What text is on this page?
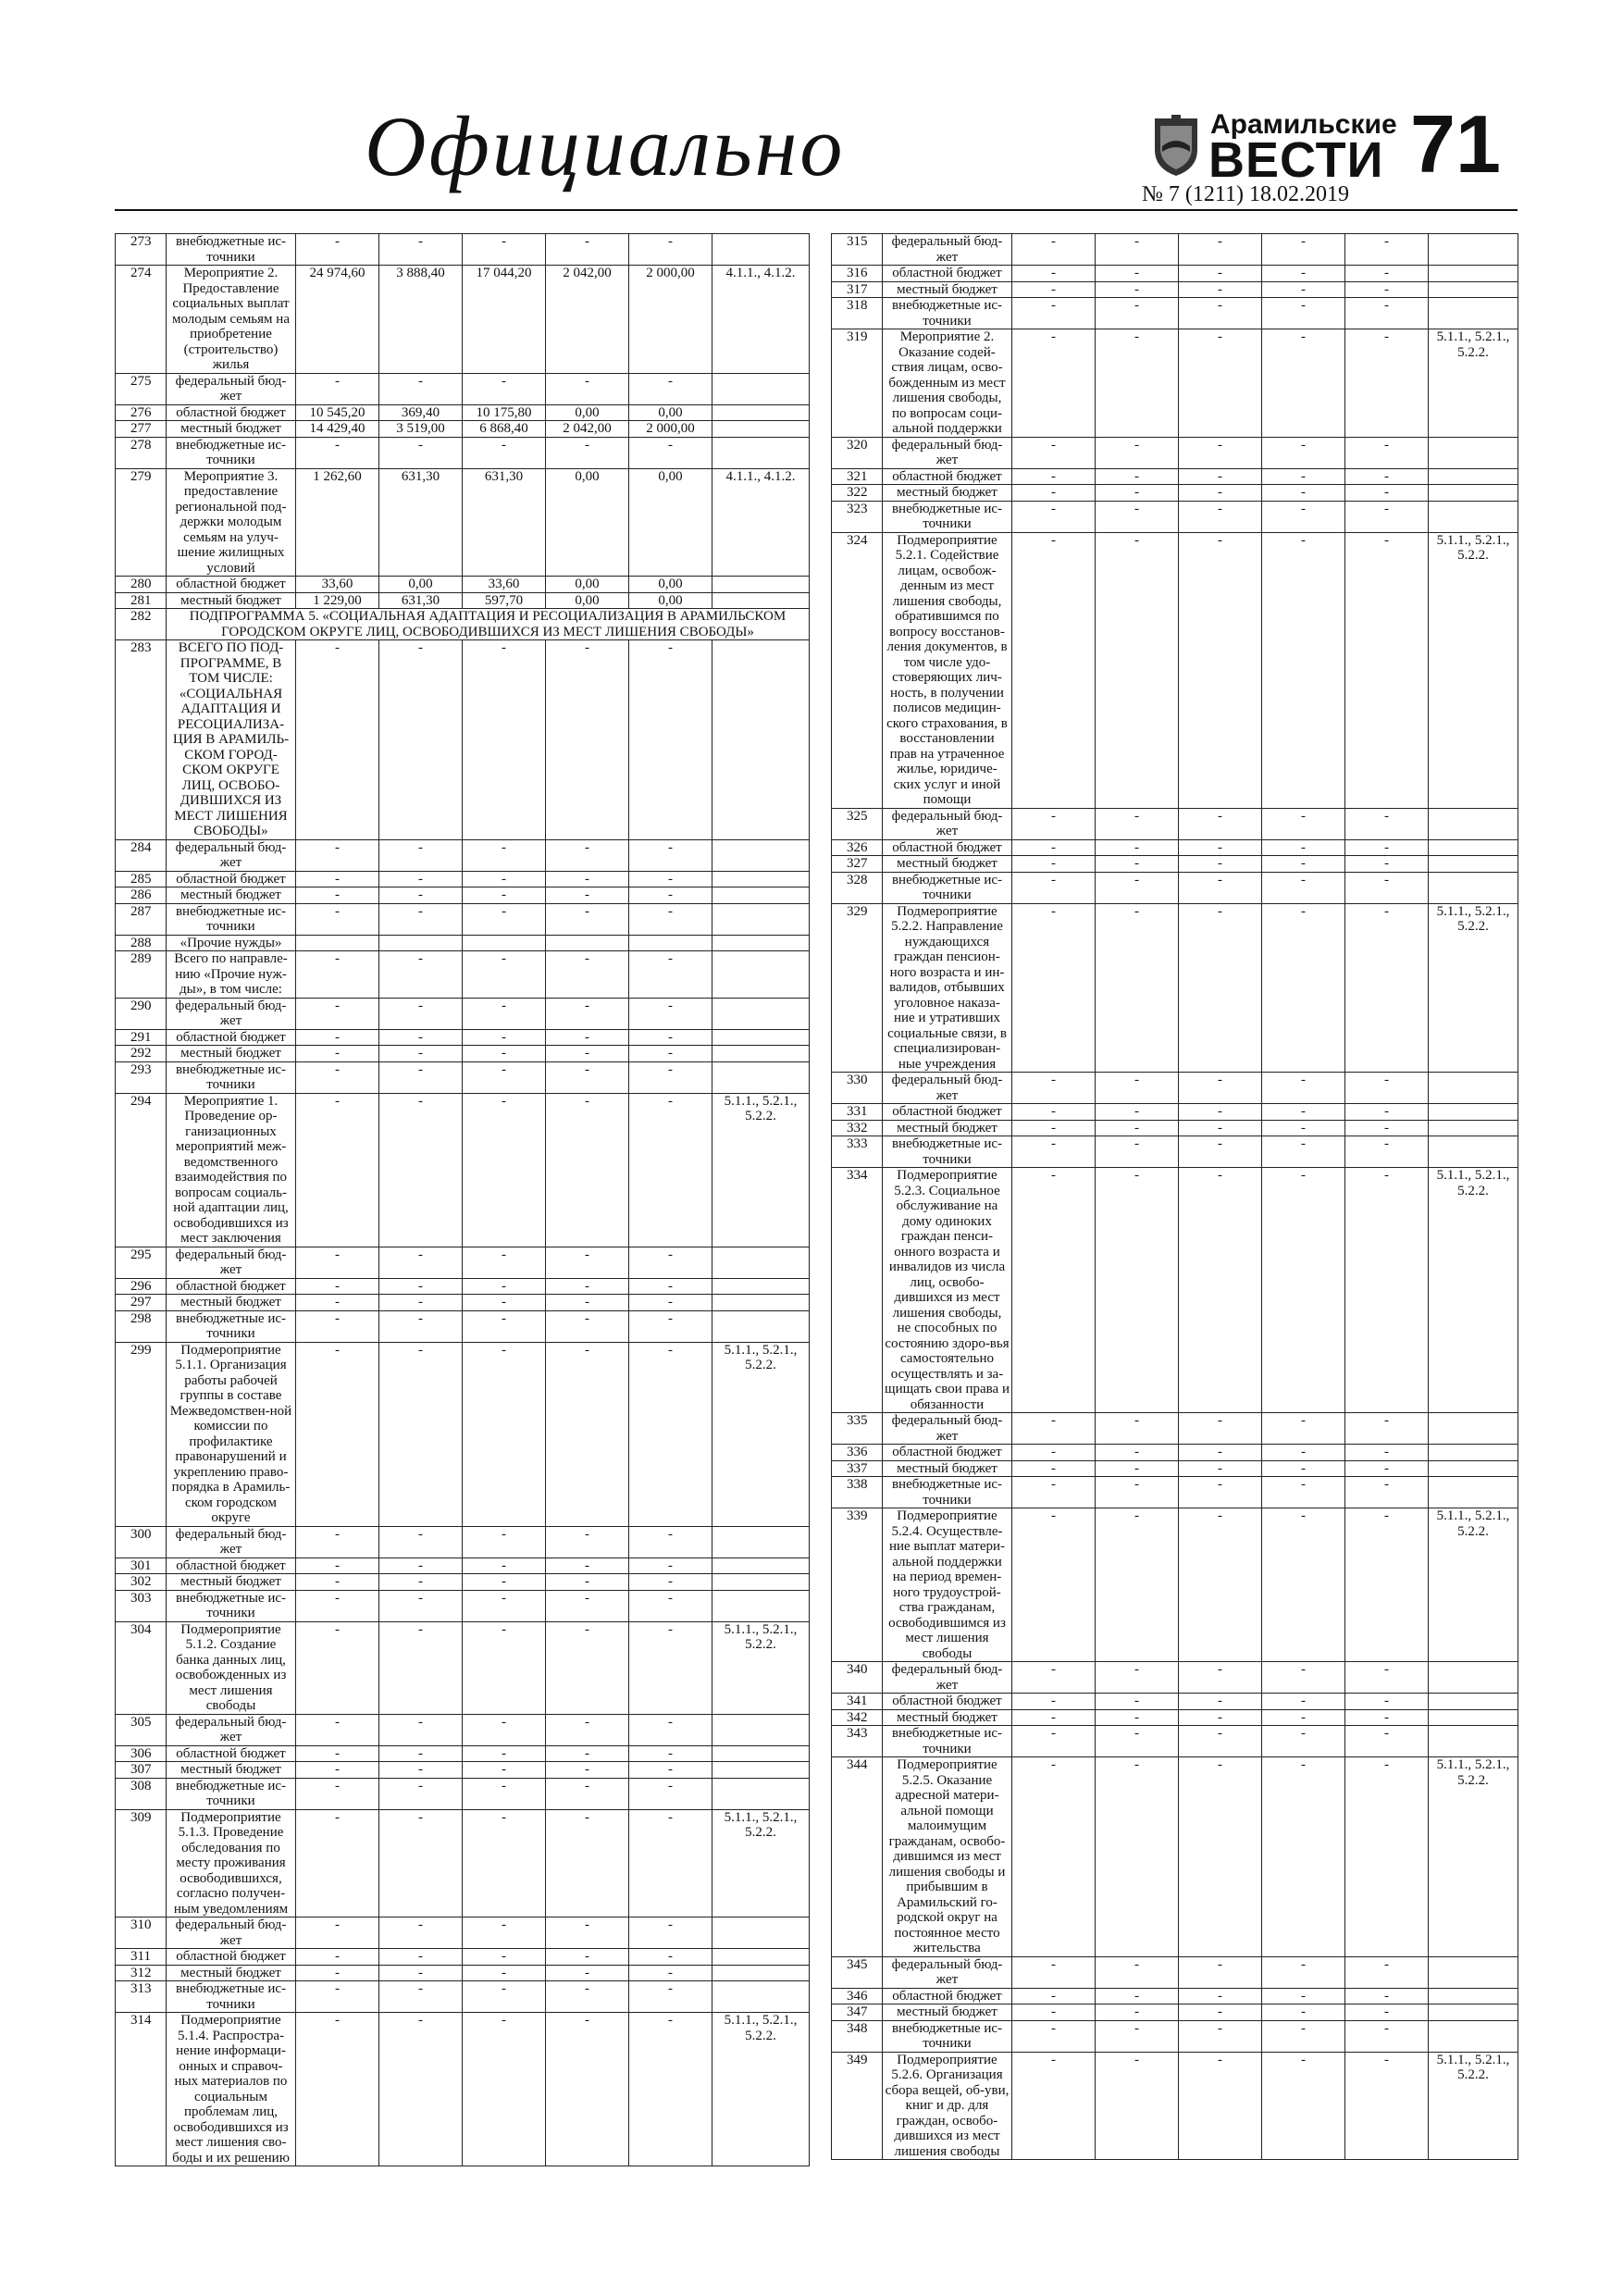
Официально	Арамильские
ВЕСТИ
№ 7 (1211) 18.02.2019
71
273	внебюджетные ис-точники	-	-	-	-	-	
274	Мероприятие 2. Предоставление социальных выплат молодым семьям на приобретение (строительство) жилья	24 974,60	3 888,40	17 044,20	2 042,00	2 000,00	4.1.1., 4.1.2.
275	федеральный бюд-жет	-	-	-	-	-	
276	областной бюджет	10 545,20	369,40	10 175,80	0,00	0,00	
277	местный бюджет	14 429,40	3 519,00	6 868,40	2 042,00	2 000,00	
278	внебюджетные ис-точники	-	-	-	-	-	
279	Мероприятие 3. предоставление региональной под-держки молодым семьям на улуч-шение жилищных условий	1 262,60	631,30	631,30	0,00	0,00	4.1.1., 4.1.2.
280	областной бюджет	33,60	0,00	33,60	0,00	0,00	
281	местный бюджет	1 229,00	631,30	597,70	0,00	0,00	
282	ПОДПРОГРАММА 5. «СОЦИАЛЬНАЯ АДАПТАЦИЯ И РЕСОЦИАЛИЗАЦИЯ В АРАМИЛЬСКОМ ГОРОДСКОМ ОКРУГЕ ЛИЦ, ОСВОБОДИВШИХСЯ ИЗ МЕСТ ЛИШЕНИЯ СВОБОДЫ»						
283	ВСЕГО ПО ПОД-ПРОГРАММЕ, В ТОМ ЧИСЛЕ: «СОЦИАЛЬНАЯ АДАПТАЦИЯ И РЕСОЦИАЛИЗА-ЦИЯ В АРАМИЛЬ-СКОМ ГОРОД-СКОМ ОКРУГЕ ЛИЦ, ОСВОБО-ДИВШИХСЯ ИЗ МЕСТ ЛИШЕНИЯ СВОБОДЫ»	-	-	-	-	-	
284	федеральный бюд-жет	-	-	-	-	-	
285	областной бюджет	-	-	-	-	-	
286	местный бюджет	-	-	-	-	-	
287	внебюджетные ис-точники	-	-	-	-	-	
288	«Прочие нужды»						
289	Всего по направле-нию «Прочие нуж-ды», в том числе:	-	-	-	-	-	
290	федеральный бюд-жет	-	-	-	-	-	
291	областной бюджет	-	-	-	-	-	
292	местный бюджет	-	-	-	-	-	
293	внебюджетные ис-точники	-	-	-	-	-	
294	Мероприятие 1. Проведение ор-ганизационных мероприятий меж-ведомственного взаимодействия по вопросам социаль-ной адаптации лиц, освободившихся из мест заключения	-	-	-	-	-	5.1.1., 5.2.1., 5.2.2.
295	федеральный бюд-жет	-	-	-	-	-	
296	областной бюджет	-	-	-	-	-	
297	местный бюджет	-	-	-	-	-	
298	внебюджетные ис-точники	-	-	-	-	-	
299	Подмероприятие 5.1.1. Организация работы рабочей группы в составе Межведомствен-ной комиссии по профилактике правонарушений и укреплению право-порядка в Арамиль-ском городском округе	-	-	-	-	-	5.1.1., 5.2.1., 5.2.2.
300	федеральный бюд-жет	-	-	-	-	-	
301	областной бюджет	-	-	-	-	-	
302	местный бюджет	-	-	-	-	-	
303	внебюджетные ис-точники	-	-	-	-	-	
304	Подмероприятие 5.1.2. Создание банка данных лиц, освобожденных из мест лишения свободы	-	-	-	-	-	5.1.1., 5.2.1., 5.2.2.
305	федеральный бюд-жет	-	-	-	-	-	
306	областной бюджет	-	-	-	-	-	
307	местный бюджет	-	-	-	-	-	
308	внебюджетные ис-точники	-	-	-	-	-	
309	Подмероприятие 5.1.3. Проведение обследования по месту проживания освободившихся, согласно получен-ным уведомлениям	-	-	-	-	-	5.1.1., 5.2.1., 5.2.2.
310	федеральный бюд-жет	-	-	-	-	-	
311	областной бюджет	-	-	-	-	-	
312	местный бюджет	-	-	-	-	-	
313	внебюджетные ис-точники	-	-	-	-	-	
314	Подмероприятие 5.1.4. Распростра-нение информаци-онных и справоч-ных материалов по социальным проблемам лиц, освободившихся из мест лишения сво-боды и их решению	-	-	-	-	-	5.1.1., 5.2.1., 5.2.2.
315	федеральный бюд-жет	-	-	-	-	-	
316	областной бюджет	-	-	-	-	-	
317	местный бюджет	-	-	-	-	-	
318	внебюджетные ис-точники	-	-	-	-	-	
319	Мероприятие 2. Оказание содей-ствия лицам, осво-божденным из мест лишения свободы, по вопросам соци-альной поддержки	-	-	-	-	-	5.1.1., 5.2.1., 5.2.2.
320	федеральный бюд-жет	-	-	-	-	-	
321	областной бюджет	-	-	-	-	-	
322	местный бюджет	-	-	-	-	-	
323	внебюджетные ис-точники	-	-	-	-	-	
324	Подмероприятие 5.2.1. Содействие лицам, освобож-денным из мест лишения свободы, обратившимся по вопросу восстанов-ления документов, в том числе удо-стоверяющих лич-ность, в получении полисов медицин-ского страхования, в восстановлении прав на утраченное жилье, юридиче-ских услуг и иной помощи	-	-	-	-	-	5.1.1., 5.2.1., 5.2.2.
325	федеральный бюд-жет	-	-	-	-	-	
326	областной бюджет	-	-	-	-	-	
327	местный бюджет	-	-	-	-	-	
328	внебюджетные ис-точники	-	-	-	-	-	
329	Подмероприятие 5.2.2. Направление нуждающихся граждан пенсион-ного возраста и ин-валидов, отбывших уголовное наказа-ние и утративших социальные связи, в специализирован-ные учреждения	-	-	-	-	-	5.1.1., 5.2.1., 5.2.2.
330	федеральный бюд-жет	-	-	-	-	-	
331	областной бюджет	-	-	-	-	-	
332	местный бюджет	-	-	-	-	-	
333	внебюджетные ис-точники	-	-	-	-	-	
334	Подмероприятие 5.2.3. Социальное обслуживание на дому одиноких граждан пенси-онного возраста и инвалидов из числа лиц, освобо-дившихся из мест лишения свободы, не способных по состоянию здоро-вья самостоятельно осуществлять и за-щищать свои права и обязанности	-	-	-	-	-	5.1.1., 5.2.1., 5.2.2.
335	федеральный бюд-жет	-	-	-	-	-	
336	областной бюджет	-	-	-	-	-	
337	местный бюджет	-	-	-	-	-	
338	внебюджетные ис-точники	-	-	-	-	-	
339	Подмероприятие 5.2.4. Осуществле-ние выплат матери-альной поддержки на период времен-ного трудоустрой-ства гражданам, освободившимся из мест лишения свободы	-	-	-	-	-	5.1.1., 5.2.1., 5.2.2.
340	федеральный бюд-жет	-	-	-	-	-	
341	областной бюджет	-	-	-	-	-	
342	местный бюджет	-	-	-	-	-	
343	внебюджетные ис-точники	-	-	-	-	-	
344	Подмероприятие 5.2.5. Оказание адресной матери-альной помощи малоимущим гражданам, освобо-дившимся из мест лишения свободы и прибывшим в Арамильский го-родской округ на постоянное место жительства	-	-	-	-	-	5.1.1., 5.2.1., 5.2.2.
345	федеральный бюд-жет	-	-	-	-	-	
346	областной бюджет	-	-	-	-	-	
347	местный бюджет	-	-	-	-	-	
348	внебюджетные ис-точники	-	-	-	-	-	
349	Подмероприятие 5.2.6. Организация сбора вещей, об-уви, книг и др. для граждан, освобо-дившихся из мест лишения свободы	-	-	-	-	-	5.1.1., 5.2.1., 5.2.2.
